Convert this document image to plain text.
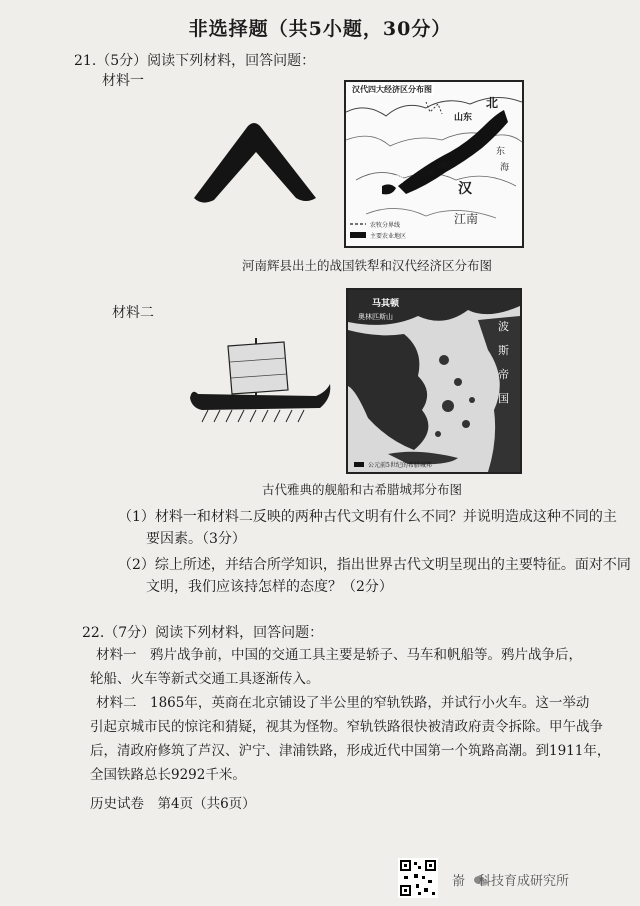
非选择题（共5小题，30分）
21.（5分）阅读下列材料，回答问题：
材料一	汉代四大经济区分布图
山西
山东
汉
江南
北
长安
洛阳
东
海
农牧分界线
主要农业地区
河南辉县出土的战国铁犁和汉代经济区分布图
材料二
马其顿
奥林匹斯山
波
斯
帝
国
公元前5世纪的希腊城邦
古代雅典的舰船和古希腊城邦分布图
（1）材料一和材料二反映的两种古代文明有什么不同？并说明造成这种不同的主
要因素。（3分）
（2）综上所述，并结合所学知识，指出世界古代文明呈现出的主要特征。面对不同
文明，我们应该持怎样的态度？（2分）
22.（7分）阅读下列材料，回答问题：
材料一　鸦片战争前，中国的交通工具主要是轿子、马车和帆船等。鸦片战争后，
轮船、火车等新式交通工具逐渐传入。
材料二　1865年，英商在北京铺设了半公里的窄轨铁路，并试行小火车。这一举动
引起京城市民的惊诧和猜疑，视其为怪物。窄轨铁路很快被清政府责令拆除。甲午战争
后，清政府修筑了芦汉、沪宁、津浦铁路，形成近代中国第一个筑路高潮。到1911年，
全国铁路总长9292千米。
历史试卷　第4页（共6页）
嵛　科技育成研究所
